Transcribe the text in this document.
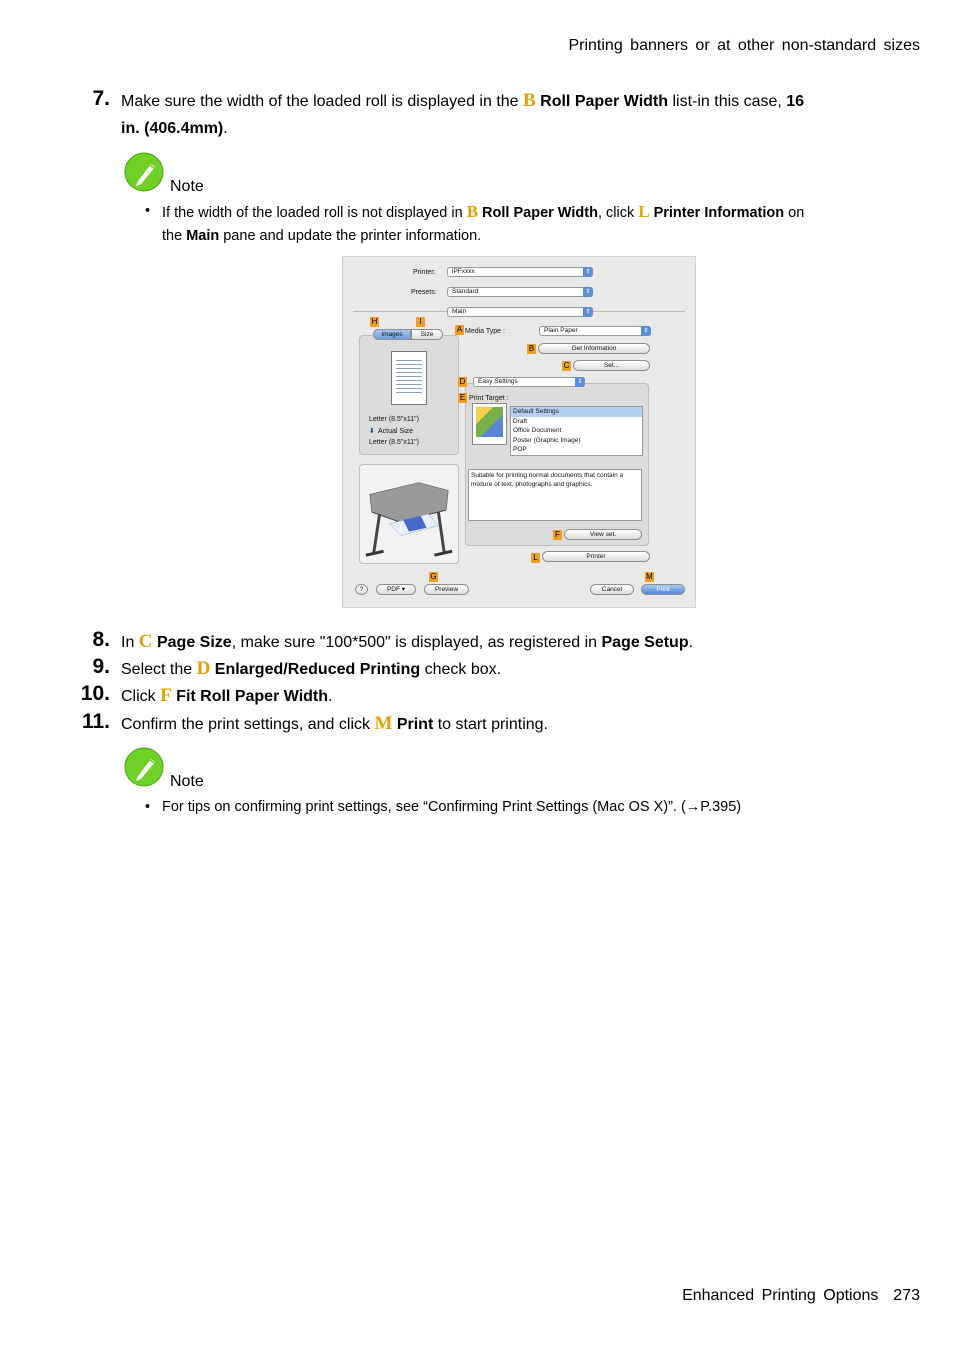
Printing banners or at other non-standard sizes
7. Make sure the width of the loaded roll is displayed in the B Roll Paper Width list-in this case, 16
in. (406.4mm).
Note
• If the width of the loaded roll is not displayed in B Roll Paper Width, click L Printer Information on
the Main pane and update the printer information.
Printer:	iPFxxxx	⇕
Presets:	Standard	⇕
Main	⇕
H	I
Images	Size
Letter (8.5"x11")
⬇ Actual Size
Letter (8.5"x11")
A Media Type :	Plain Paper	⇕
B	Get Information
C	Set...
D	Easy Settings	⇕
E Print Target :
Default Settings
Draft
Office Document
Poster (Graphic Image)
POP
Suitable for printing normal documents that contain a mixture of text, photographs and graphics.
F	View set.
L	Printer
G	M
?	PDF ▾	Preview	Cancel	Print
8. In C Page Size, make sure "100*500" is displayed, as registered in Page Setup.
9. Select the D Enlarged/Reduced Printing check box.
10. Click F Fit Roll Paper Width.
11. Confirm the print settings, and click M Print to start printing.
Note
• For tips on confirming print settings, see “Confirming Print Settings (Mac OS X)”. (→P.395)
Enhanced Printing Options 273
